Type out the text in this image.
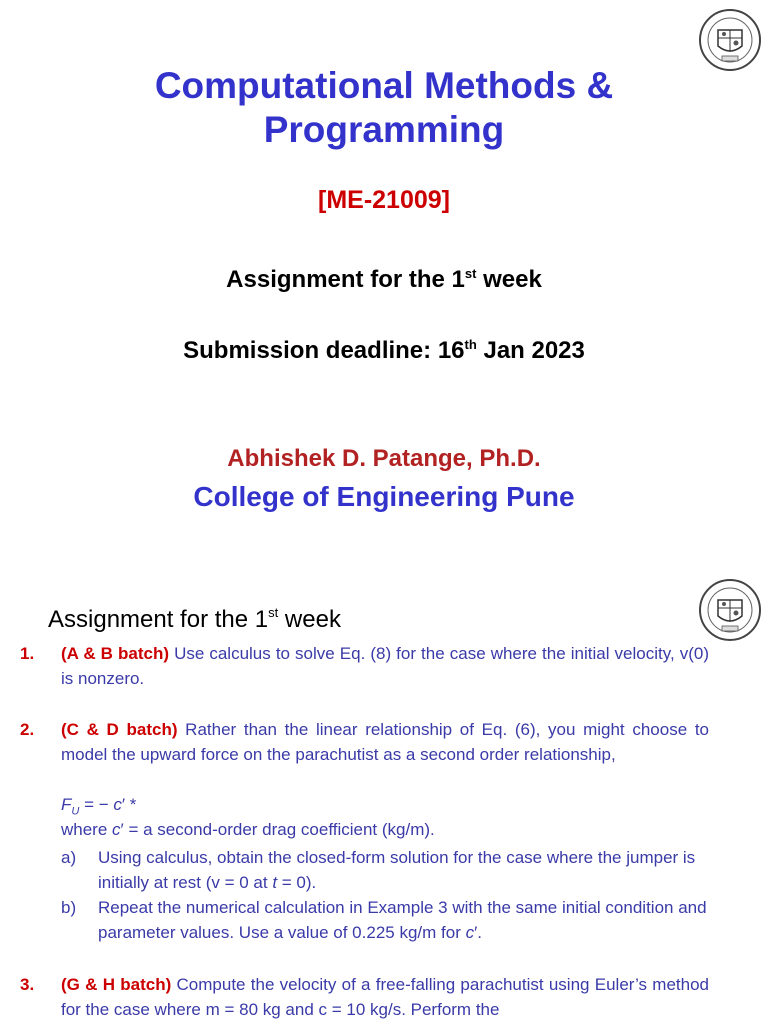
Computational Methods &
Programming
[ME-21009]
Assignment for the 1st week
Submission deadline: 16th Jan 2023
Abhishek D. Patange, Ph.D.
College of Engineering Pune
Assignment for the 1st week
1. (A & B batch) Use calculus to solve Eq. (8) for the case where the initial velocity, v(0) is nonzero.
2. (C & D batch) Rather than the linear relationship of Eq. (6), you might choose to model the upward force on the parachutist as a second order relationship,
$F_U$ = − c′ *
where c′ = a second-order drag coefficient (kg/m).
a) Using calculus, obtain the closed-form solution for the case where the jumper is initially at rest (v = 0 at t = 0).
b) Repeat the numerical calculation in Example 3 with the same initial condition and parameter values. Use a value of 0.225 kg/m for c′.
3. (G & H batch) Compute the velocity of a free-falling parachutist using Euler’s method for the case where m = 80 kg and c = 10 kg/s. Perform the
